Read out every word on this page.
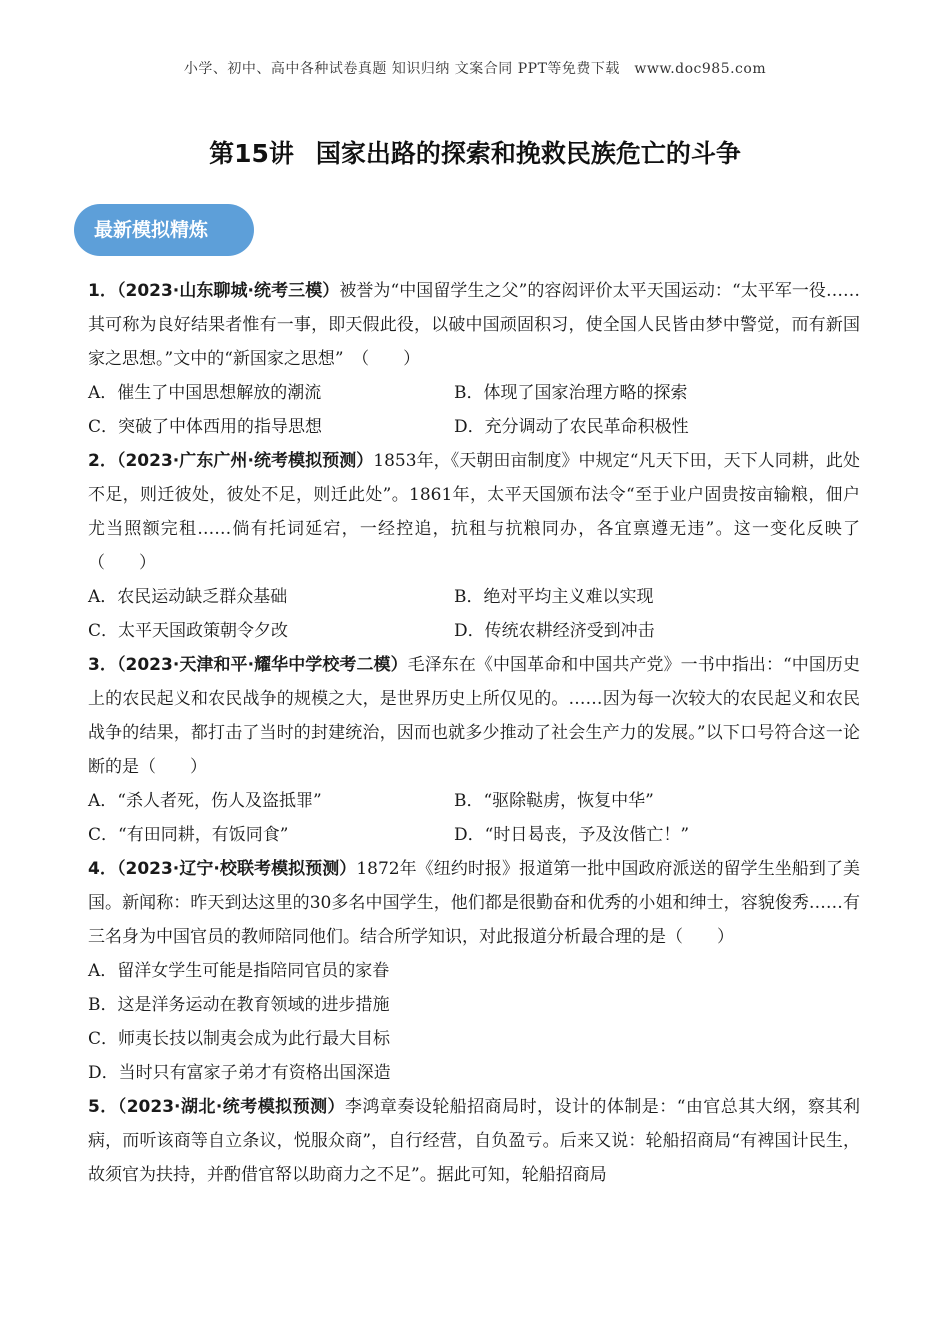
小学、初中、高中各种试卷真题 知识归纳 文案合同 PPT等免费下载　www.doc985.com
第15讲 国家出路的探索和挽救民族危亡的斗争
最新模拟精炼
1．（2023·山东聊城·统考三模）被誉为“中国留学生之父”的容闳评价太平天国运动：“太平军一役……其可称为良好结果者惟有一事，即天假此役，以破中国顽固积习，使全国人民皆由梦中警觉，而有新国家之思想。”文中的“新国家之思想”　（　　）
A．催生了中国思想解放的潮流	B．体现了国家治理方略的探索
C．突破了中体西用的指导思想	D．充分调动了农民革命积极性
2．（2023·广东广州·统考模拟预测）1853年，《天朝田亩制度》中规定“凡天下田，天下人同耕，此处不足，则迁彼处，彼处不足，则迁此处”。1861年，太平天国颁布法令“至于业户固贵按亩输粮，佃户尤当照额完租……倘有托词延宕，一经控追，抗租与抗粮同办，各宜禀遵无违”。这一变化反映了（　　）
A．农民运动缺乏群众基础	B．绝对平均主义难以实现
C．太平天国政策朝令夕改	D．传统农耕经济受到冲击
3．（2023·天津和平·耀华中学校考二模）毛泽东在《中国革命和中国共产党》一书中指出：“中国历史上的农民起义和农民战争的规模之大，是世界历史上所仅见的。……因为每一次较大的农民起义和农民战争的结果，都打击了当时的封建统治，因而也就多少推动了社会生产力的发展。”以下口号符合这一论断的是（　　）
A．“杀人者死，伤人及盗抵罪”	B．“驱除鞑虏，恢复中华”
C．“有田同耕，有饭同食”	D．“时日曷丧，予及汝偕亡！”
4．（2023·辽宁·校联考模拟预测）1872年《纽约时报》报道第一批中国政府派送的留学生坐船到了美国。新闻称：昨天到达这里的30多名中国学生，他们都是很勤奋和优秀的小姐和绅士，容貌俊秀……有三名身为中国官员的教师陪同他们。结合所学知识，对此报道分析最合理的是（　　）
A．留洋女学生可能是指陪同官员的家眷
B．这是洋务运动在教育领域的进步措施
C．师夷长技以制夷会成为此行最大目标
D．当时只有富家子弟才有资格出国深造
5．（2023·湖北·统考模拟预测）李鸿章奏设轮船招商局时，设计的体制是：“由官总其大纲，察其利病，而听该商等自立条议，悦服众商”，自行经营，自负盈亏。后来又说：轮船招商局“有裨国计民生，故须官为扶持，并酌借官帑以助商力之不足”。据此可知，轮船招商局
